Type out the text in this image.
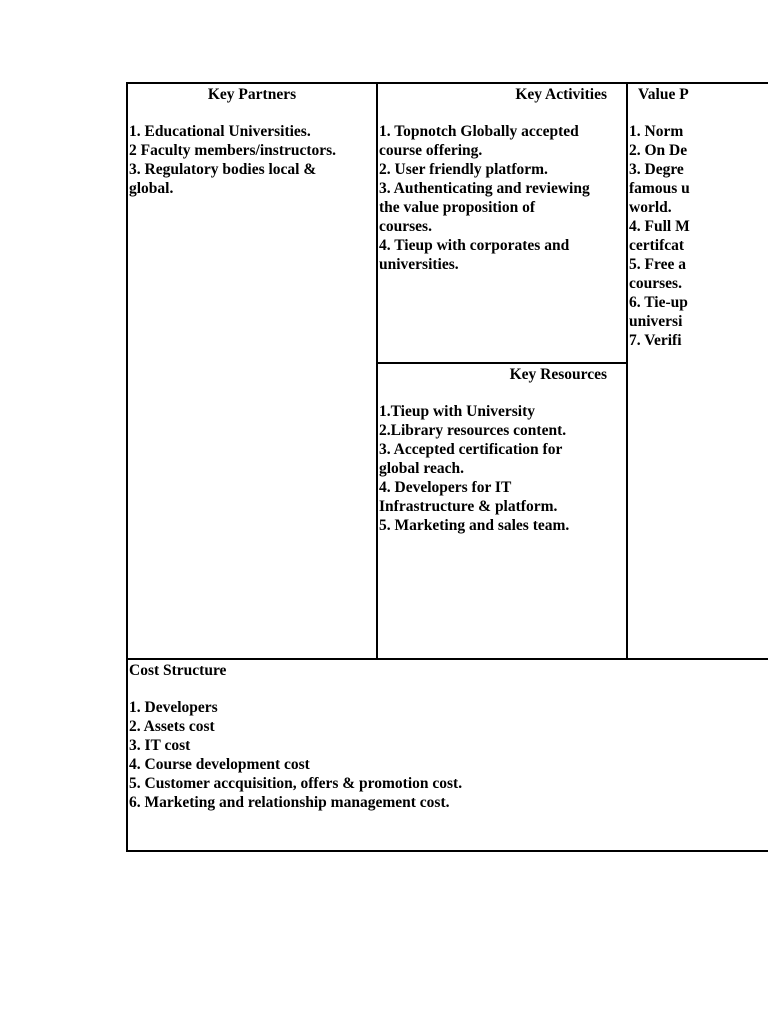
Key Partners
1. Educational Universities.
2 Faculty members/instructors.
3. Regulatory bodies local &
global.
Key Activities
1. Topnotch Globally accepted
course offering.
2. User friendly platform.
3. Authenticating and reviewing
the value proposition of
courses.
4. Tieup with corporates and
universities.
Key Resources
1.Tieup with University
2.Library resources content.
3. Accepted certification for
global reach.
4. Developers for IT
Infrastructure & platform.
5. Marketing and sales team.
Value P
1. Norm
2. On De
3. Degre
famous u
world.
4. Full M
certifcat
5. Free a
courses.
6. Tie-up
universi
7. Verifi
Cost Structure
1. Developers
2. Assets cost
3. IT cost
4. Course development cost
5. Customer accquisition, offers & promotion cost.
6. Marketing and relationship management cost.
